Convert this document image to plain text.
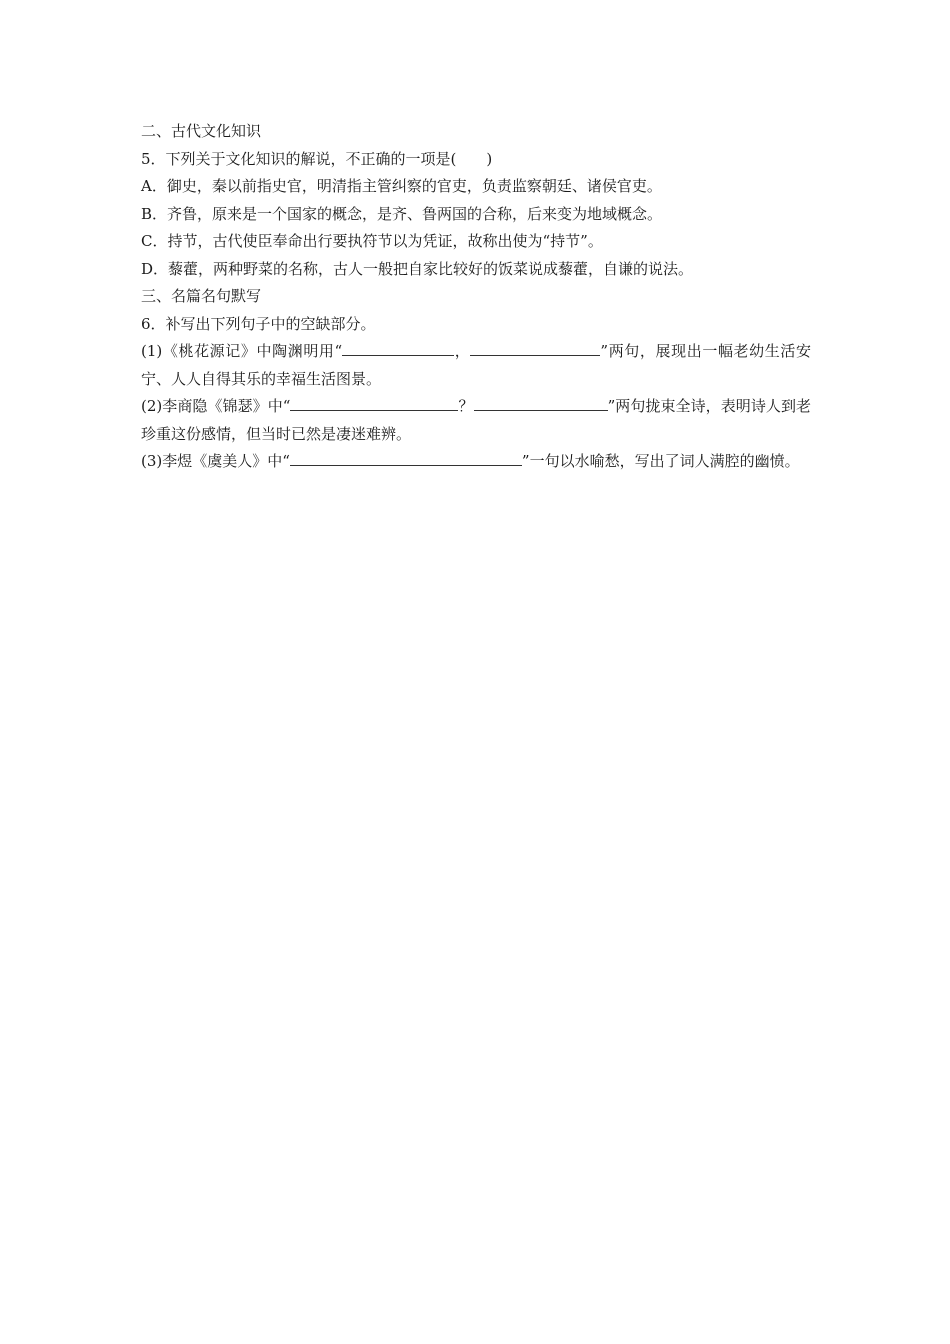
二、古代文化知识

5．下列关于文化知识的解说，不正确的一项是(　　)

A．御史，秦以前指史官，明清指主管纠察的官吏，负责监察朝廷、诸侯官吏。

B．齐鲁，原来是一个国家的概念，是齐、鲁两国的合称，后来变为地域概念。

C．持节，古代使臣奉命出行要执符节以为凭证，故称出使为“持节”。

D．藜藿，两种野菜的名称，古人一般把自家比较好的饭菜说成藜藿，自谦的说法。

三、名篇名句默写

6．补写出下列句子中的空缺部分。

(1)《桃花源记》中陶渊明用“	，	”两句，展现出一幅老幼生活安宁、人人自得其乐的幸福生活图景。

(2)李商隐《锦瑟》中“	？	”两句拢束全诗，表明诗人到老珍重这份感情，但当时已然是凄迷难辨。

(3)李煜《虞美人》中“	”一句以水喻愁，写出了词人满腔的幽愤。
